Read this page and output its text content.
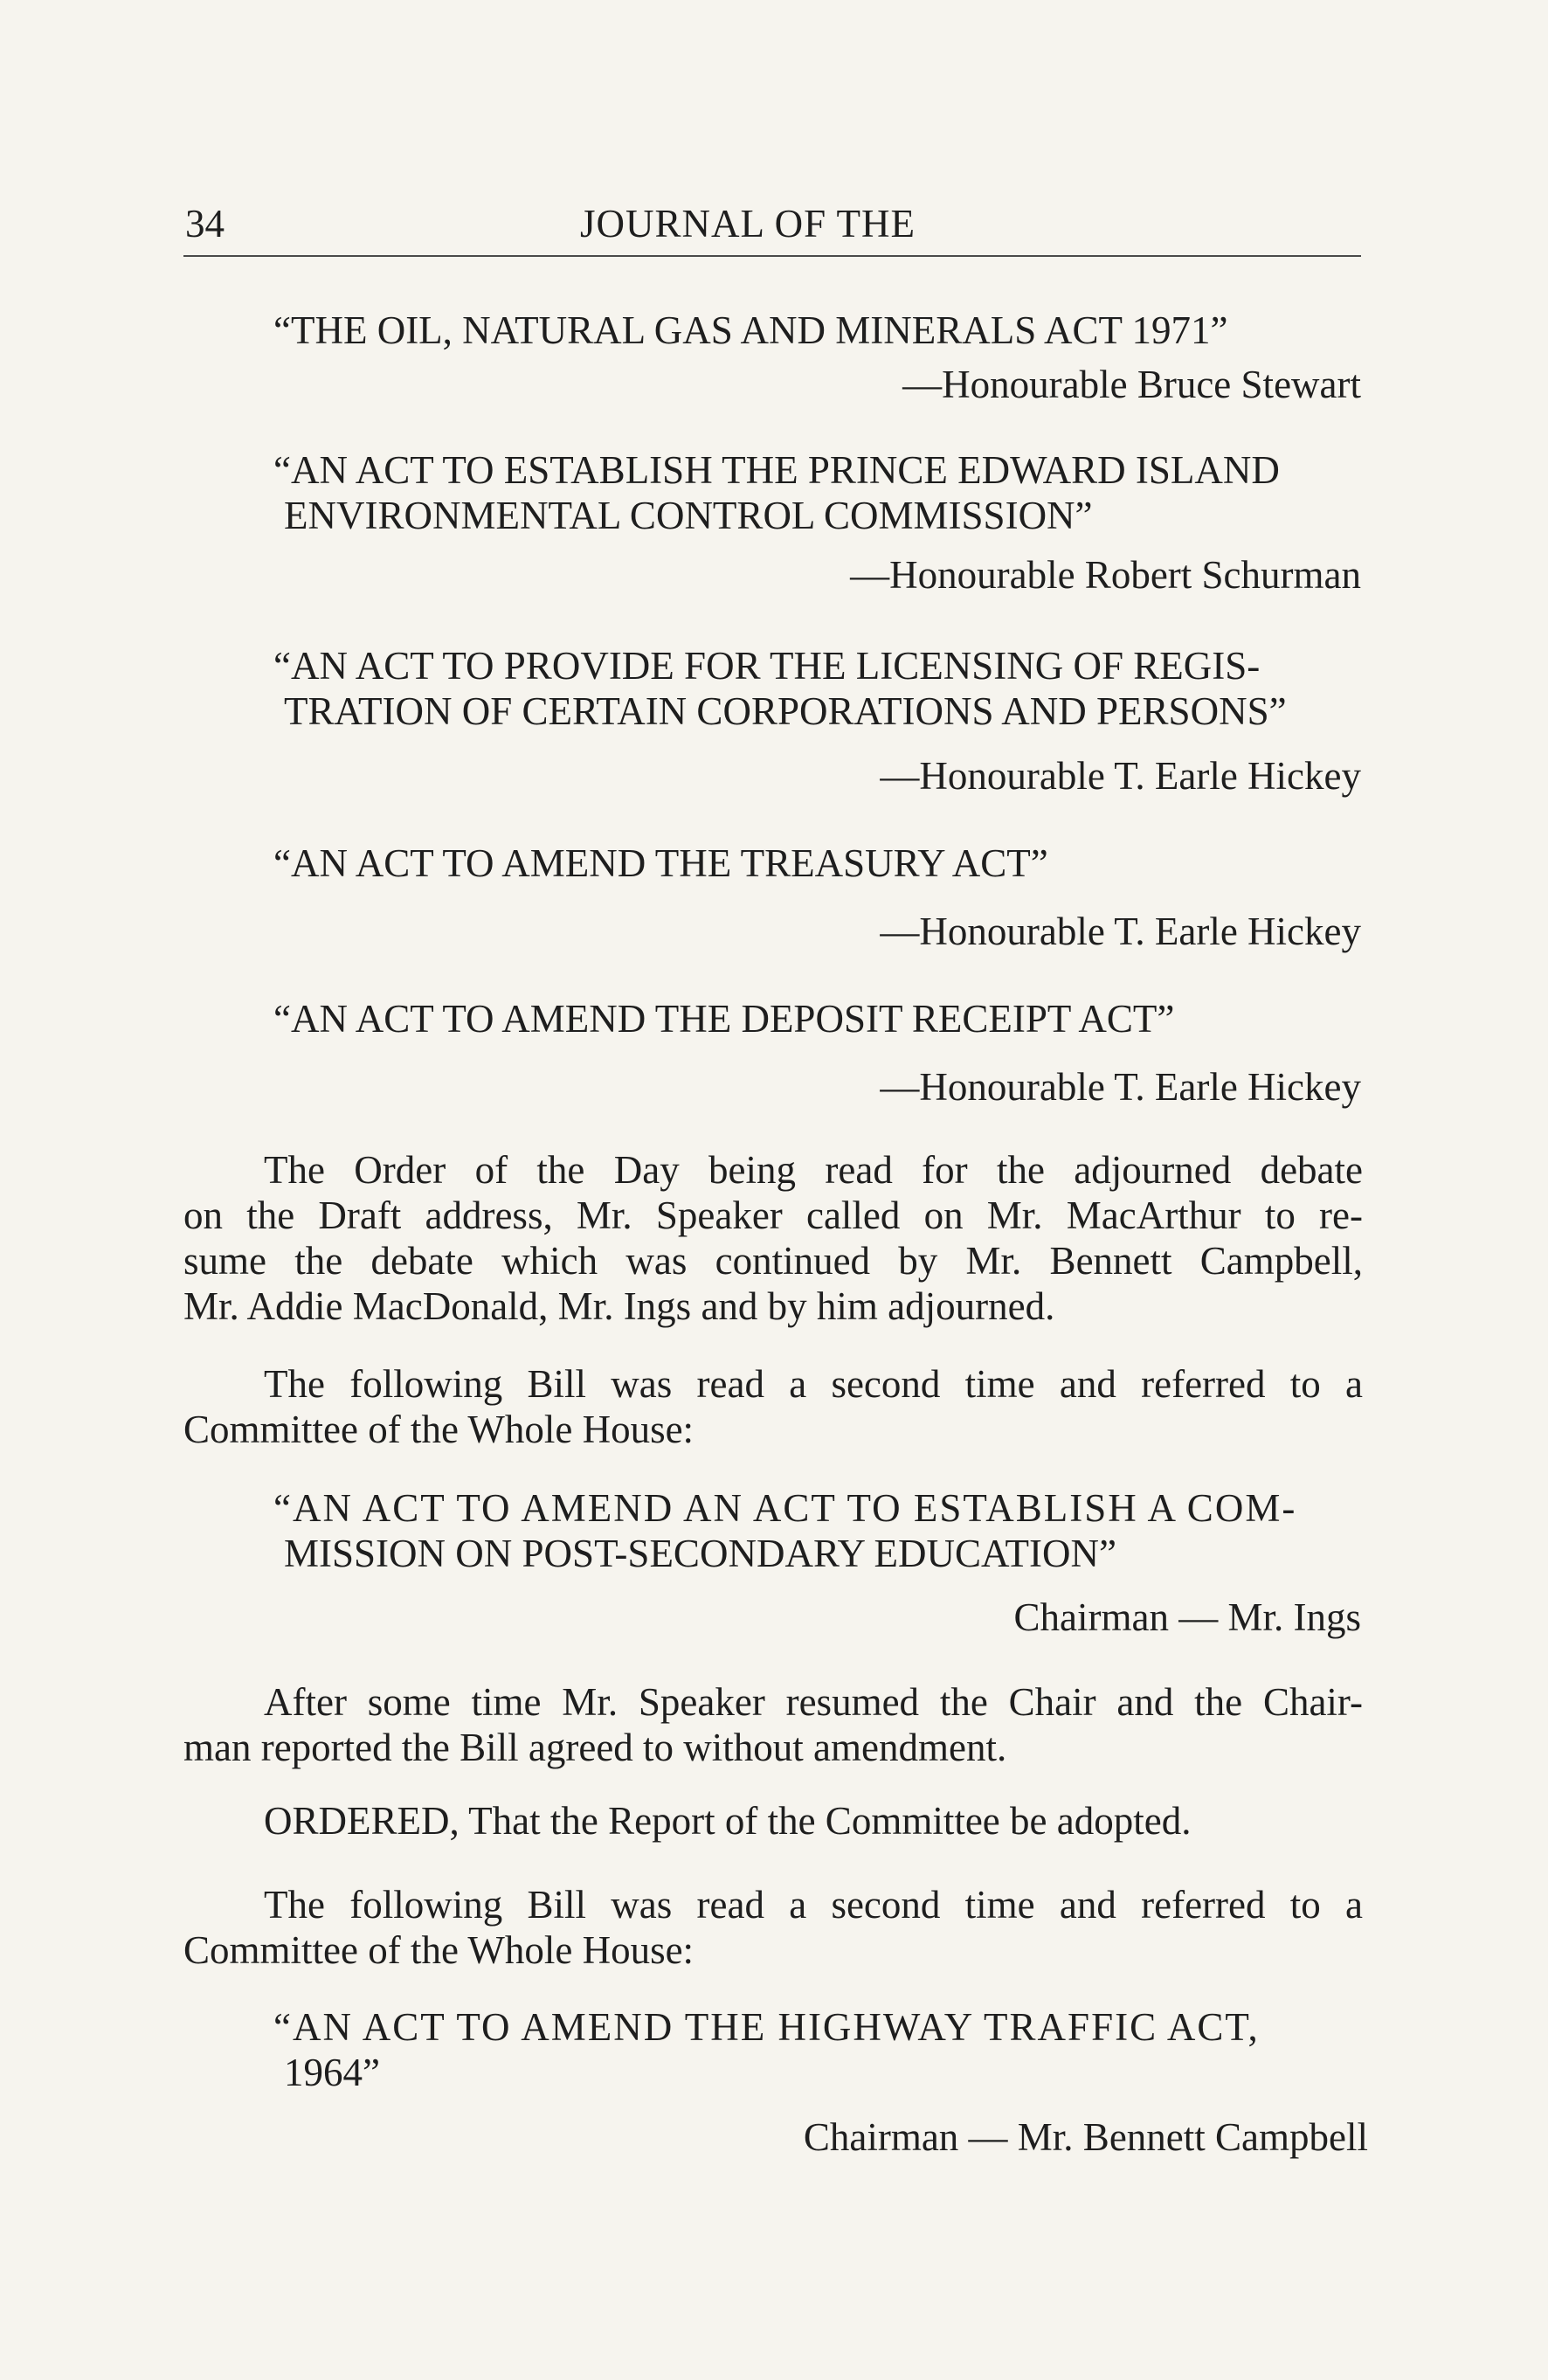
34	JOURNAL OF THE
“THE OIL, NATURAL GAS AND MINERALS ACT 1971”
—Honourable Bruce Stewart
“AN ACT TO ESTABLISH THE PRINCE EDWARD ISLAND
ENVIRONMENTAL CONTROL COMMISSION”
—Honourable Robert Schurman
“AN ACT TO PROVIDE FOR THE LICENSING OF REGIS-
TRATION OF CERTAIN CORPORATIONS AND PERSONS”
—Honourable T. Earle Hickey
“AN ACT TO AMEND THE TREASURY ACT”
—Honourable T. Earle Hickey
“AN ACT TO AMEND THE DEPOSIT RECEIPT ACT”
—Honourable T. Earle Hickey
The Order of the Day being read for the adjourned debate
on the Draft address, Mr. Speaker called on Mr. MacArthur to re-
sume the debate which was continued by Mr. Bennett Campbell,
Mr. Addie MacDonald, Mr. Ings and by him adjourned.
The following Bill was read a second time and referred to a
Committee of the Whole House:
“AN ACT TO AMEND AN ACT TO ESTABLISH A COM-
MISSION ON POST-SECONDARY EDUCATION”
Chairman — Mr. Ings
After some time Mr. Speaker resumed the Chair and the Chair-
man reported the Bill agreed to without amendment.
ORDERED, That the Report of the Committee be adopted.
The following Bill was read a second time and referred to a
Committee of the Whole House:
“AN ACT TO AMEND THE HIGHWAY TRAFFIC ACT,
1964”
Chairman — Mr. Bennett Campbell
